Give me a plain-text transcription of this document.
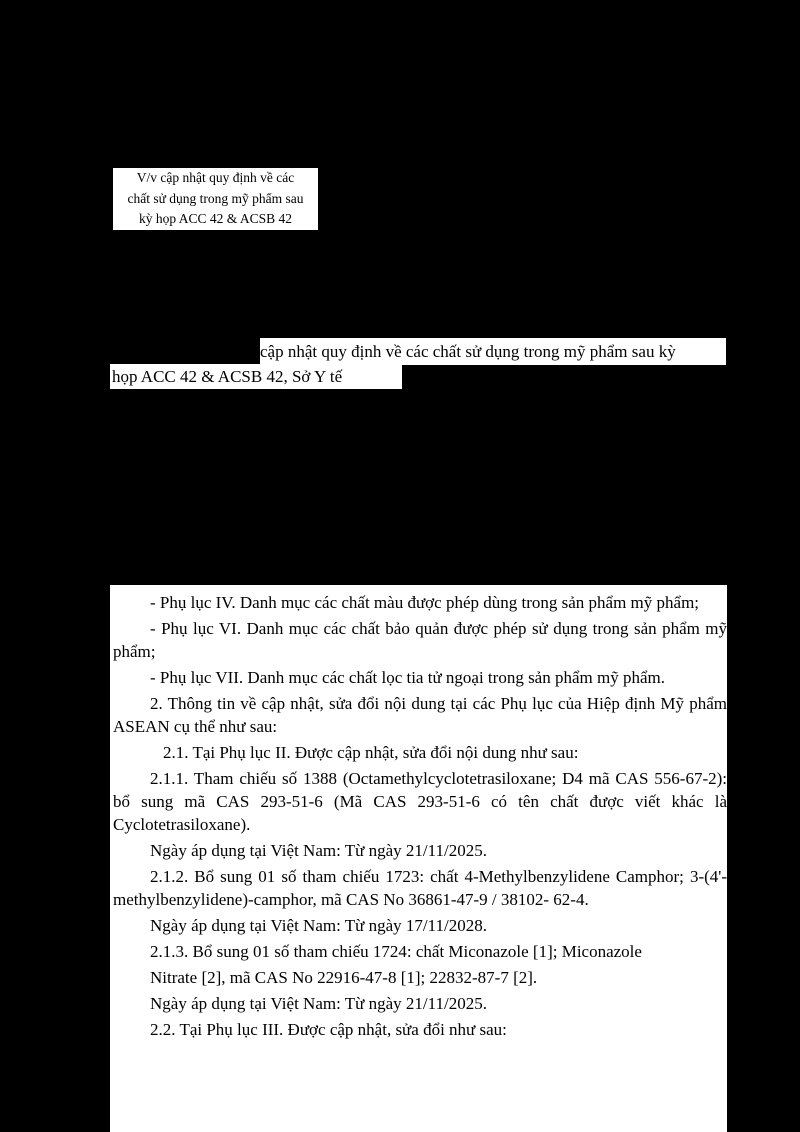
V/v cập nhật quy định về các
chất sử dụng trong mỹ phẩm sau
kỳ họp ACC 42 & ACSB 42
cập nhật quy định về các chất sử dụng trong mỹ phẩm sau kỳ
họp ACC 42 & ACSB 42, Sở Y tế

- Phụ lục IV. Danh mục các chất màu được phép dùng trong sản phẩm mỹ phẩm;

- Phụ lục VI. Danh mục các chất bảo quản được phép sử dụng trong sản phẩm mỹ phẩm;

- Phụ lục VII. Danh mục các chất lọc tia tử ngoại trong sản phẩm mỹ phẩm.

2. Thông tin về cập nhật, sửa đổi nội dung tại các Phụ lục của Hiệp định Mỹ phẩm ASEAN cụ thể như sau:

2.1. Tại Phụ lục II. Được cập nhật, sửa đổi nội dung như sau:

2.1.1. Tham chiếu số 1388 (Octamethylcyclotetrasiloxane; D4 mã CAS 556-67-2): bổ sung mã CAS 293-51-6 (Mã CAS 293-51-6 có tên chất được viết khác là Cyclotetrasiloxane).

Ngày áp dụng tại Việt Nam: Từ ngày 21/11/2025.

2.1.2. Bổ sung 01 số tham chiếu 1723: chất 4-Methylbenzylidene Camphor; 3-(4'-methylbenzylidene)-camphor, mã CAS No 36861-47-9 / 38102- 62-4.

Ngày áp dụng tại Việt Nam: Từ ngày 17/11/2028.

2.1.3. Bổ sung 01 số tham chiếu 1724: chất Miconazole [1]; Miconazole

Nitrate [2], mã CAS No 22916-47-8 [1]; 22832-87-7 [2].

Ngày áp dụng tại Việt Nam: Từ ngày 21/11/2025.

2.2. Tại Phụ lục III. Được cập nhật, sửa đổi như sau:
